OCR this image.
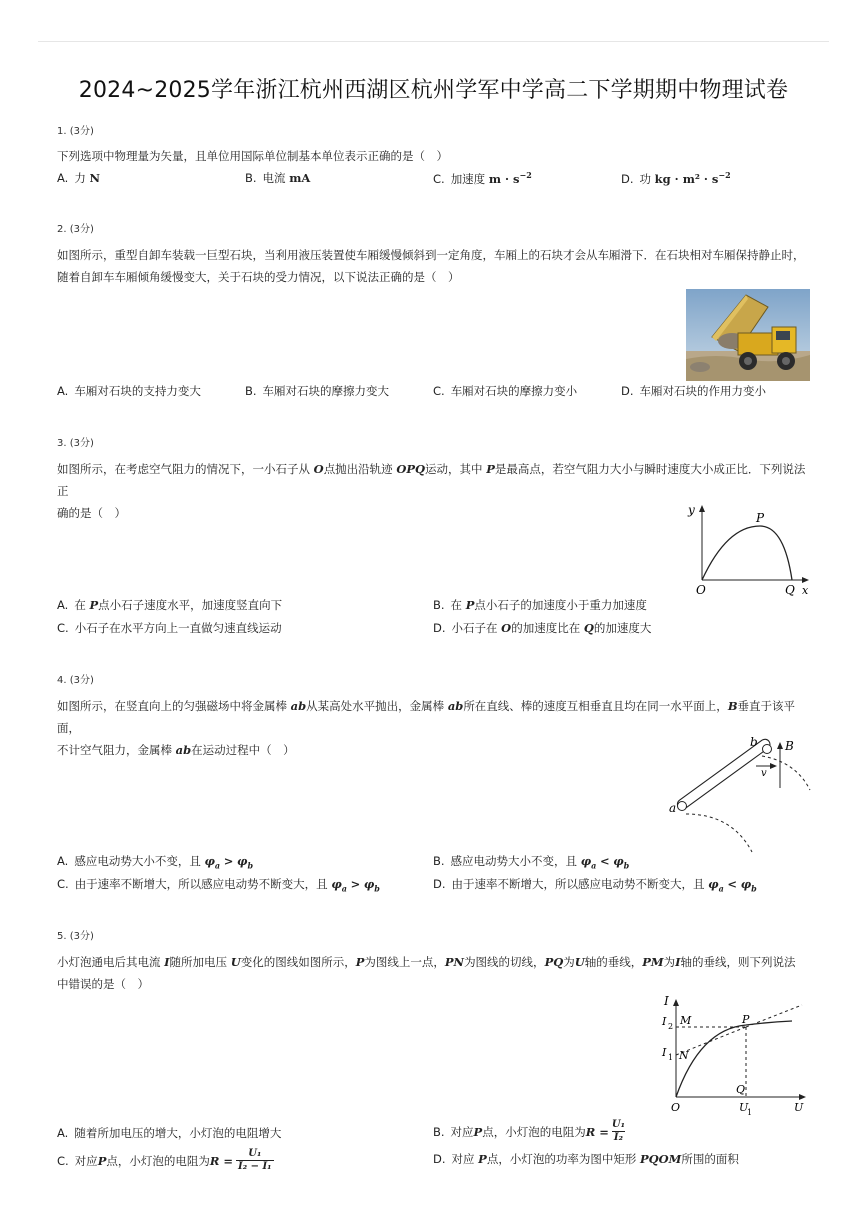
2024~2025学年浙江杭州西湖区杭州学军中学高二下学期期中物理试卷
1. (3分)
下列选项中物理量为矢量，且单位用国际单位制基本单位表示正确的是（　）
A. 力 N	B. 电流 mA	C. 加速度 $m \cdot s^{-2}$	D. 功 kg · $m^2 \cdot s^{-2}$
2. (3分)
如图所示，重型自卸车装载一巨型石块，当利用液压装置使车厢缓慢倾斜到一定角度，车厢上的石块才会从车厢滑下．在石块相对车厢保持静止时，
随着自卸车车厢倾角缓慢变大，关于石块的受力情况，以下说法正确的是（　）
A. 车厢对石块的支持力变大	B. 车厢对石块的摩擦力变大	C. 车厢对石块的摩擦力变小	D. 车厢对石块的作用力变小
3. (3分)
如图所示，在考虑空气阻力的情况下，一小石子从 O点抛出沿轨迹 OPQ运动，其中 P是最高点，若空气阻力大小与瞬时速度大小成正比．下列说法正
确的是（　）	y
P
O	Q x
A. 在 P点小石子速度水平，加速度竖直向下	B. 在 P点小石子的加速度小于重力加速度
C. 小石子在水平方向上一直做匀速直线运动	D. 小石子在 O的加速度比在 Q的加速度大
4. (3分)
如图所示，在竖直向上的匀强磁场中将金属棒 ab从某高处水平抛出，金属棒 ab所在直线、棒的速度互相垂直且均在同一水平面上，B垂直于该平面，
不计空气阻力，金属棒 ab在运动过程中（　）
b
v
B
a
A. 感应电动势大小不变，且 $\varphi_a > \varphi_b$	B. 感应电动势大小不变，且 $\varphi_a < \varphi_b$
C. 由于速率不断增大，所以感应电动势不断变大，且 $\varphi_a > \varphi_b$	D. 由于速率不断增大，所以感应电动势不断变大，且 $\varphi_a < \varphi_b$
5. (3分)
小灯泡通电后其电流 I随所加电压 U变化的图线如图所示，P为图线上一点，PN为图线的切线，PQ为U轴的垂线，PM为I轴的垂线，则下列说法
中错误的是（　）
I
I 2 M	P
I 1 N
Q
O	U
1	U
A. 随着所加电压的增大，小灯泡的电阻增大	B. 对应 P 点，小灯泡的电阻为 $R = \frac{\text{U₁}}{\text{I₂}}$
C. 对应 P 点，小灯泡的电阻为 $R = \frac{\text{U₁}}{\text{I₂ − I₁}}$	D. 对应 P点，小灯泡的功率为图中矩形 PQOM所围的面积
